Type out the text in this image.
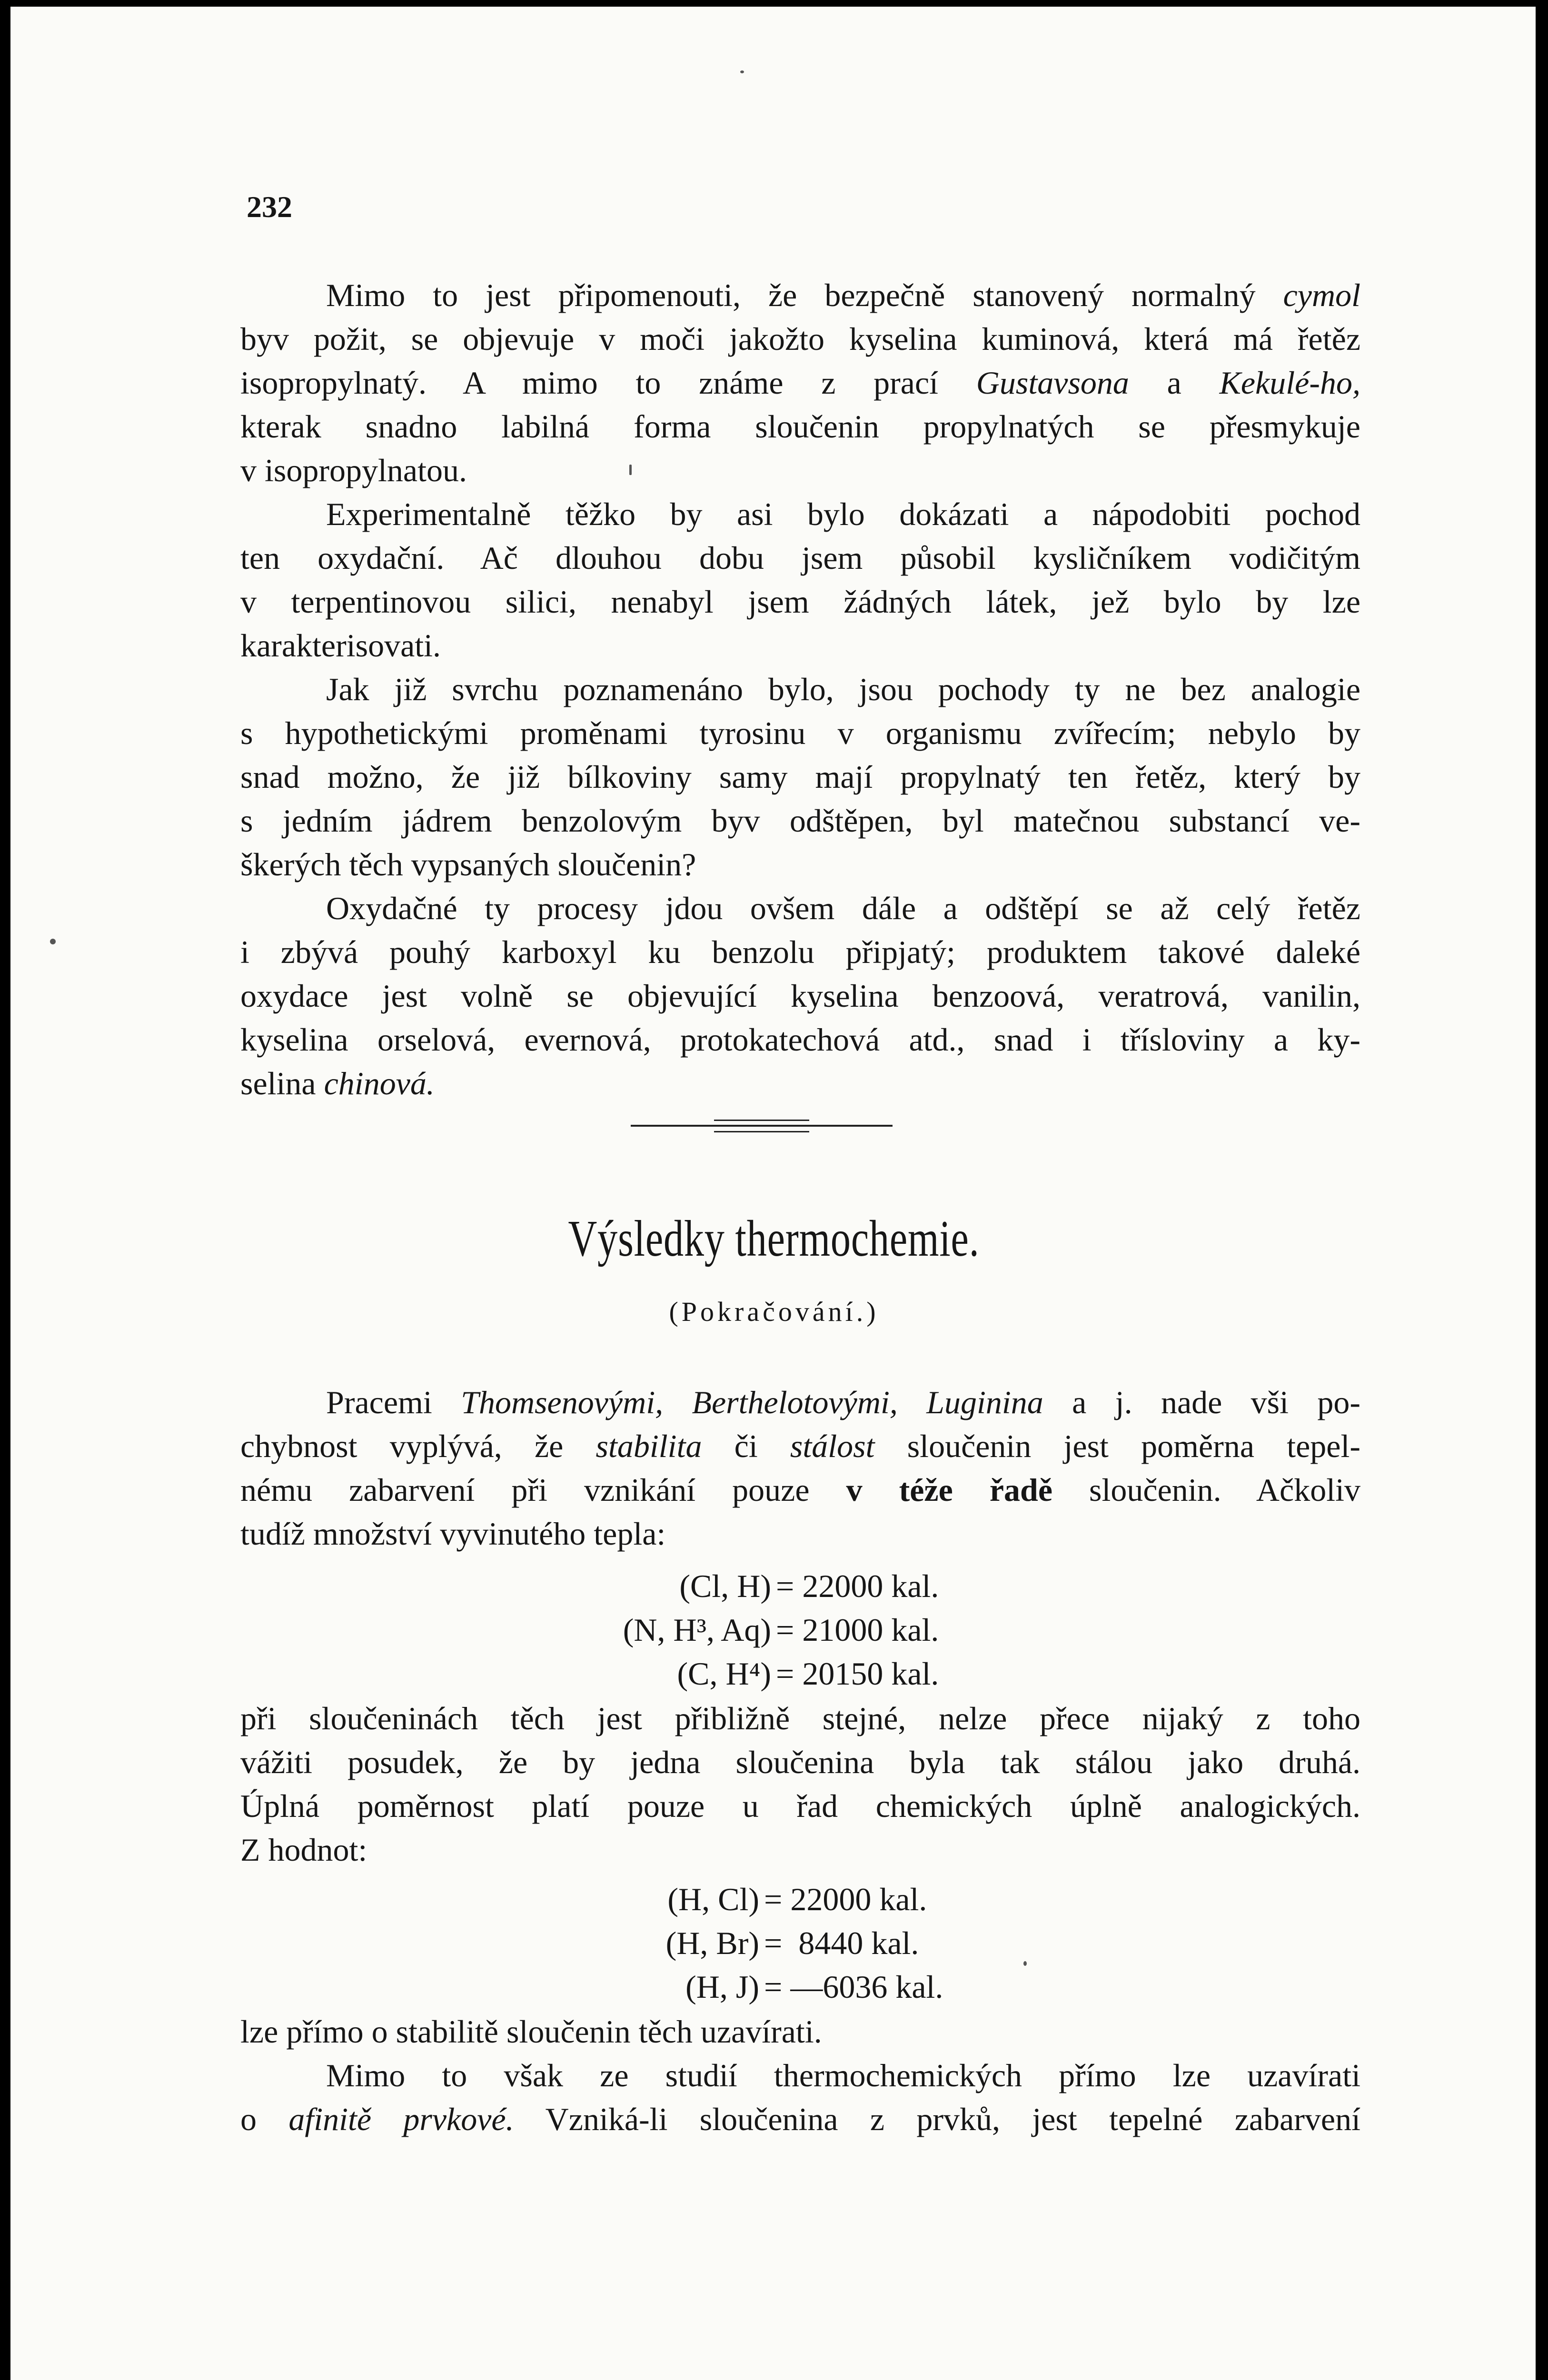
232
Mimo to jest připomenouti, že bezpečně stanovený normalný cymol
byv požit, se objevuje v moči jakožto kyselina kuminová, která má řetěz
isopropylnatý. A mimo to známe z prací Gustavsona a Kekulé-ho,
kterak snadno labilná forma sloučenin propylnatých se přesmykuje
v isopropylnatou.
Experimentalně těžko by asi bylo dokázati a nápodobiti pochod
ten oxydační. Ač dlouhou dobu jsem působil kysličníkem vodičitým
v terpentinovou silici, nenabyl jsem žádných látek, jež bylo by lze
karakterisovati.
Jak již svrchu poznamenáno bylo, jsou pochody ty ne bez analogie
s hypothetickými proměnami tyrosinu v organismu zvířecím; nebylo by
snad možno, že již bílkoviny samy mají propylnatý ten řetěz, který by
s jedním jádrem benzolovým byv odštěpen, byl matečnou substancí ve-
škerých těch vypsaných sloučenin?
Oxydačné ty procesy jdou ovšem dále a odštěpí se až celý řetěz
i zbývá pouhý karboxyl ku benzolu připjatý; produktem takové daleké
oxydace jest volně se objevující kyselina benzoová, veratrová, vanilin,
kyselina orselová, evernová, protokatechová atd., snad i třísloviny a ky-
selina chinová.
Pracemi Thomsenovými, Berthelotovými, Luginina a j. nade vši po-
chybnost vyplývá, že stabilita či stálost sloučenin jest poměrna tepel-
nému zabarvení při vznikání pouze v téže řadě sloučenin. Ačkoliv
tudíž množství vyvinutého tepla:
při sloučeninách těch jest přibližně stejné, nelze přece nijaký z toho
vážiti posudek, že by jedna sloučenina byla tak stálou jako druhá.
Úplná poměrnost platí pouze u řad chemických úplně analogických.
Z hodnot:
lze přímo o stabilitě sloučenin těch uzavírati.
Mimo to však ze studií thermochemických přímo lze uzavírati
o afinitě prvkové. Vzniká-li sloučenina z prvků, jest tepelné zabarvení
(Cl, H) = 22000 kal.
(N, H³, Aq) = 21000 kal.
(C, H⁴) = 20150 kal.
(H, Cl) = 22000 kal.
(H, Br) =  8440 kal.
(H, J) = —6036 kal.
Výsledky thermochemie.
(Pokračování.)
